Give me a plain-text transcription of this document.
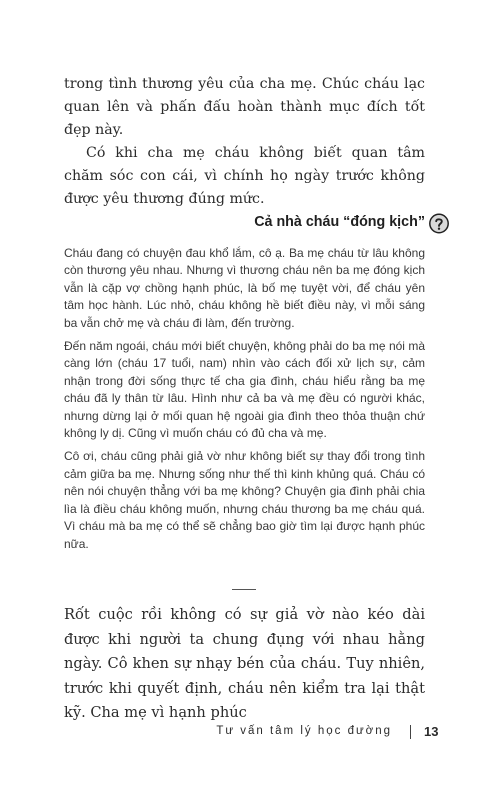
trong tình thương yêu của cha mẹ. Chúc cháu lạc quan lên và phấn đấu hoàn thành mục đích tốt đẹp này.

Có khi cha mẹ cháu không biết quan tâm chăm sóc con cái, vì chính họ ngày trước không được yêu thương đúng mức.

Cả nhà cháu “đóng kịch”

Cháu đang có chuyện đau khổ lắm, cô ạ. Ba mẹ cháu từ lâu không còn thương yêu nhau. Nhưng vì thương cháu nên ba mẹ đóng kịch vẫn là cặp vợ chồng hạnh phúc, là bố mẹ tuyệt vời, để cháu yên tâm học hành. Lúc nhỏ, cháu không hề biết điều này, vì mỗi sáng ba vẫn chở mẹ và cháu đi làm, đến trường.

Đến năm ngoái, cháu mới biết chuyện, không phải do ba mẹ nói mà càng lớn (cháu 17 tuổi, nam) nhìn vào cách đối xử lịch sự, cảm nhận trong đời sống thực tế cha gia đình, cháu hiểu rằng ba mẹ cháu đã ly thân từ lâu. Hình như cả ba và mẹ đều có người khác, nhưng dừng lại ở mối quan hệ ngoài gia đình theo thỏa thuận chứ không ly dị. Cũng vì muốn cháu có đủ cha và mẹ.

Cô ơi, cháu cũng phải giả vờ như không biết sự thay đổi trong tình cảm giữa ba mẹ. Nhưng sống như thế thì kinh khủng quá. Cháu có nên nói chuyện thẳng với ba mẹ không? Chuyện gia đình phải chia lìa là điều cháu không muốn, nhưng cháu thương ba mẹ cháu quá. Vì cháu mà ba mẹ có thể sẽ chẳng bao giờ tìm lại được hạnh phúc nữa.

Rốt cuộc rồi không có sự giả vờ nào kéo dài được khi người ta chung đụng với nhau hằng ngày. Cô khen sự nhạy bén của cháu. Tuy nhiên, trước khi quyết định, cháu nên kiểm tra lại thật kỹ. Cha mẹ vì hạnh phúc

Tư vấn tâm lý học đường 13
